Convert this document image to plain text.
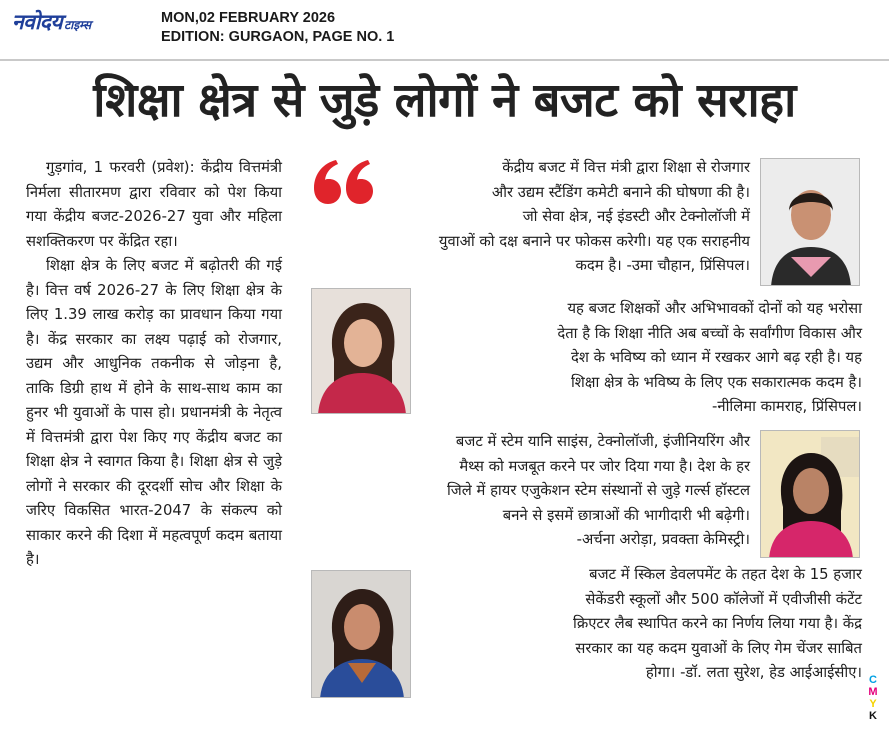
नवोदय टाइम्स	MON,02 FEBRUARY 2026
EDITION: GURGAON, PAGE NO. 1
शिक्षा क्षेत्र से जुड़े लोगों ने बजट को सराहा

गुड़गांव, 1 फरवरी (प्रवेश): केंद्रीय वित्तमंत्री निर्मला सीतारमण द्वारा रविवार को पेश किया गया केंद्रीय बजट-2026-27 युवा और महिला सशक्तिकरण पर केंद्रित रहा।

शिक्षा क्षेत्र के लिए बजट में बढ़ोतरी की गई है। वित्त वर्ष 2026-27 के लिए शिक्षा क्षेत्र के लिए 1.39 लाख करोड़ का प्रावधान किया गया है। केंद्र सरकार का लक्ष्य पढ़ाई को रोजगार, उद्यम और आधुनिक तकनीक से जोड़ना है, ताकि डिग्री हाथ में होने के साथ-साथ काम का हुनर भी युवाओं के पास हो। प्रधानमंत्री के नेतृत्व में वित्तमंत्री द्वारा पेश किए गए केंद्रीय बजट का शिक्षा क्षेत्र ने स्वागत किया है। शिक्षा क्षेत्र से जुड़े लोगों ने सरकार की दूरदर्शी सोच और शिक्षा के जरिए विकसित भारत-2047 के संकल्प को साकार करने की दिशा में महत्वपूर्ण कदम बताया है।

केंद्रीय बजट में वित्त मंत्री द्वारा शिक्षा से रोजगार
और उद्यम स्टैंडिंग कमेटी बनाने की घोषणा की है।
जो सेवा क्षेत्र, नई इंडस्टी और टेक्नोलॉजी में
युवाओं को दक्ष बनाने पर फोकस करेगी। यह एक सराहनीय
कदम है। -उमा चौहान, प्रिंसिपल।
यह बजट शिक्षकों और अभिभावकों दोनों को यह भरोसा
देता है कि शिक्षा नीति अब बच्चों के सर्वांगीण विकास और
देश के भविष्य को ध्यान में रखकर आगे बढ़ रही है। यह
शिक्षा क्षेत्र के भविष्य के लिए एक सकारात्मक कदम है।
-नीलिमा कामराह, प्रिंसिपल।
बजट में स्टेम यानि साइंस, टेक्नोलॉजी, इंजीनियरिंग और
मैथ्स को मजबूत करने पर जोर दिया गया है। देश के हर
जिले में हायर एजुकेशन स्टेम संस्थानों से जुड़े गर्ल्स हॉस्टल
बनने से इसमें छात्राओं की भागीदारी भी बढ़ेगी।
-अर्चना अरोड़ा, प्रवक्ता केमिस्ट्री।
बजट में स्किल डेवलपमेंट के तहत देश के 15 हजार
सेकेंडरी स्कूलों और 500 कॉलेजों में एवीजीसी कंटेंट
क्रिएटर लैब स्थापित करने का निर्णय लिया गया है। केंद्र
सरकार का यह कदम युवाओं के लिए गेम चेंजर साबित
होगा। -डॉ. लता सुरेश, हेड आईआईसीए। C
M
Y
K
